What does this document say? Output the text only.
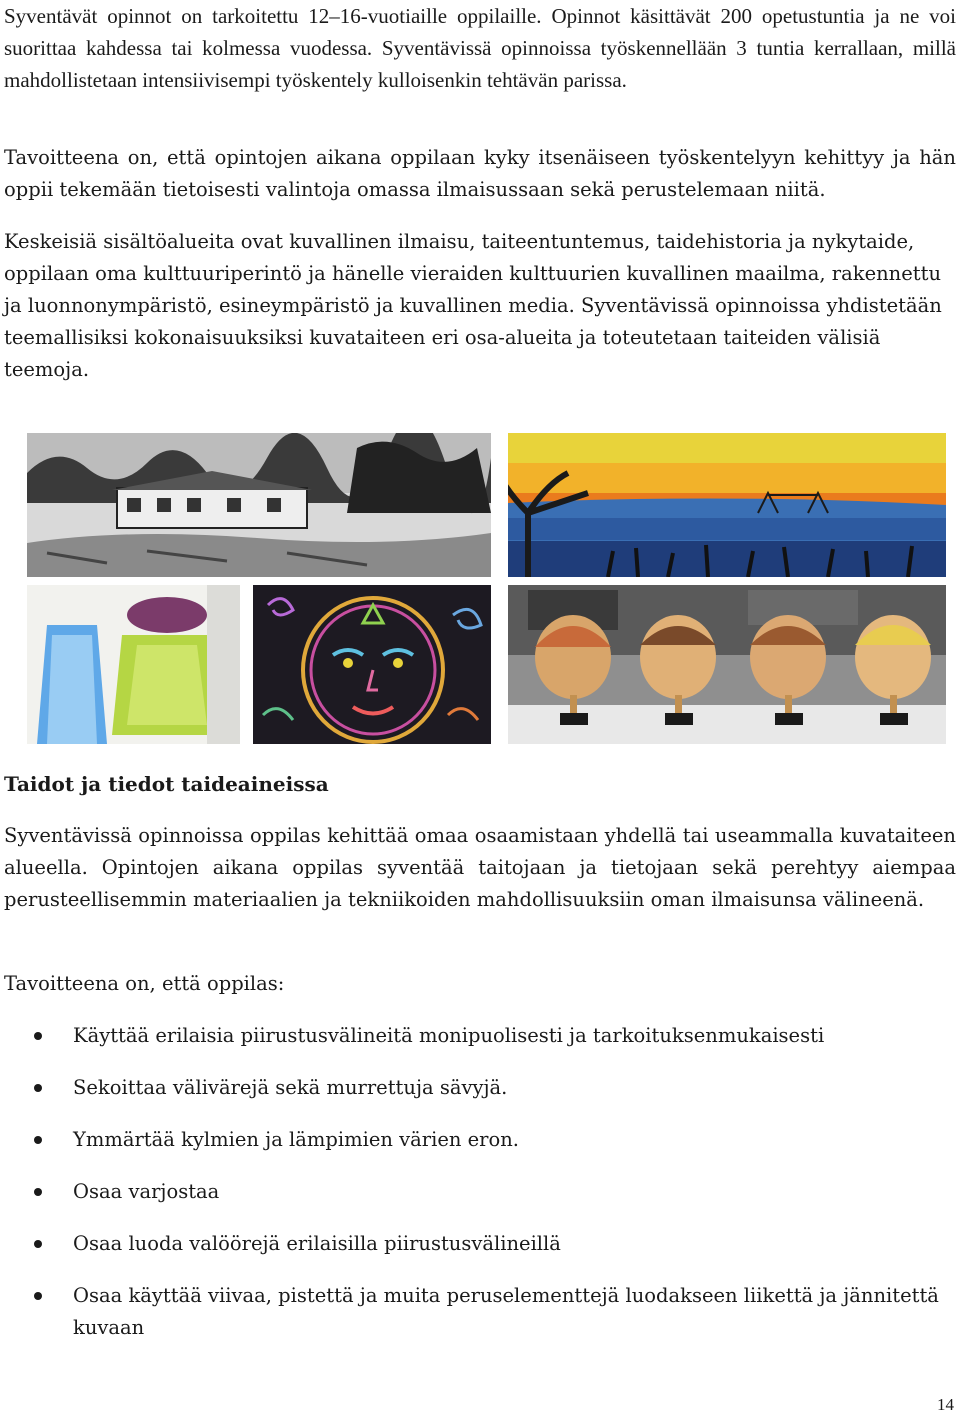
Syventävät opinnot on tarkoitettu 12–16-vuotiaille oppilaille. Opinnot käsittävät 200 opetustuntia ja ne voi suorittaa kahdessa tai kolmessa vuodessa. Syventävissä opinnoissa työskennellään 3 tuntia kerrallaan, millä mahdollistetaan intensiivisempi työskentely kulloisenkin tehtävän parissa.

Tavoitteena on, että opintojen aikana oppilaan kyky itsenäiseen työskentelyyn kehittyy ja hän oppii tekemään tietoisesti valintoja omassa ilmaisussaan sekä perustelemaan niitä.

Keskeisiä sisältöalueita ovat kuvallinen ilmaisu, taiteentuntemus, taidehistoria ja nykytaide, oppilaan oma kulttuuriperintö ja hänelle vieraiden kulttuurien kuvallinen maailma, rakennettu ja luonnonympäristö, esineympäristö ja kuvallinen media. Syventävissä opinnoissa yhdistetään teemallisiksi kokonaisuuksiksi kuvataiteen eri osa-alueita ja toteutetaan taiteiden välisiä teemoja.

Taidot ja tiedot taideaineissa

Syventävissä opinnoissa oppilas kehittää omaa osaamistaan yhdellä tai useammalla kuvataiteen alueella. Opintojen aikana oppilas syventää taitojaan ja tietojaan sekä perehtyy aiempaa perusteellisemmin materiaalien ja tekniikoiden mahdollisuuksiin oman ilmaisunsa välineenä.

Tavoitteena on, että oppilas:

Käyttää erilaisia piirustusvälineitä monipuolisesti ja tarkoituksenmukaisesti
Sekoittaa välivärejä sekä murrettuja sävyjä.
Ymmärtää kylmien ja lämpimien värien eron.
Osaa varjostaa
Osaa luoda valöörejä erilaisilla piirustusvälineillä
Osaa käyttää viivaa, pistettä ja muita peruselementtejä luodakseen liikettä ja jännitettä kuvaan
14
